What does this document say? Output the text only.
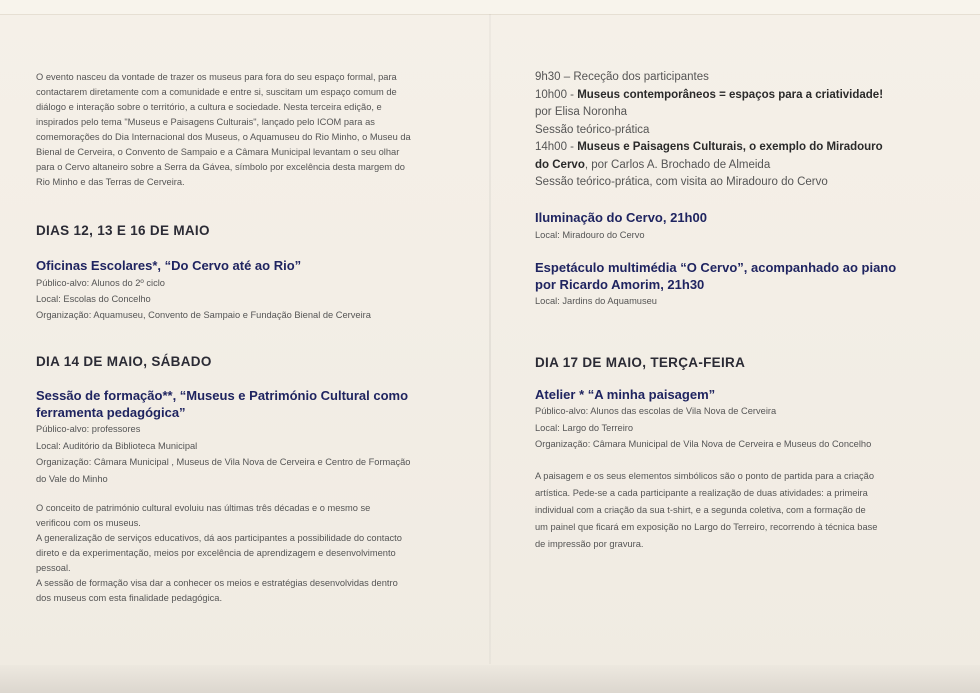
O evento nasceu da vontade de trazer os museus para fora do seu espaço formal, para
contactarem diretamente com a comunidade e entre si, suscitam um espaço comum de
diálogo e interação sobre o território, a cultura e sociedade. Nesta terceira edição, e
inspirados pelo tema "Museus e Paisagens Culturais", lançado pelo ICOM para as
comemorações do Dia Internacional dos Museus, o Aquamuseu do Rio Minho, o Museu da
Bienal de Cerveira, o Convento de Sampaio e a Câmara Municipal levantam o seu olhar
para o Cervo altaneiro sobre a Serra da Gávea, símbolo por excelência desta margem do
Rio Minho e das Terras de Cerveira.
DIAS 12, 13 E 16 DE MAIO
Oficinas Escolares*, “Do Cervo até ao Rio”
Público-alvo: Alunos do 2º ciclo
Local: Escolas do Concelho
Organização: Aquamuseu, Convento de Sampaio e Fundação Bienal de Cerveira
DIA 14 DE MAIO, SÁBADO
Sessão de formação**, “Museus e Património Cultural como
ferramenta pedagógica”
Público-alvo: professores
Local: Auditório da Biblioteca Municipal
Organização: Câmara Municipal , Museus de Vila Nova de Cerveira e Centro de Formação
do Vale do Minho
O conceito de património cultural evoluiu nas últimas três décadas e o mesmo se
verificou com os museus.
A generalização de serviços educativos, dá aos participantes a possibilidade do contacto
direto e da experimentação, meios por excelência de aprendizagem e desenvolvimento
pessoal.
A sessão de formação visa dar a conhecer os meios e estratégias desenvolvidas dentro
dos museus com esta finalidade pedagógica.
9h30 – Receção dos participantes
10h00 - Museus contemporâneos = espaços para a criatividade!
por Elisa Noronha
Sessão teórico-prática
14h00 - Museus e Paisagens Culturais, o exemplo do Miradouro
do Cervo, por Carlos A. Brochado de Almeida
Sessão teórico-prática, com visita ao Miradouro do Cervo
Iluminação do Cervo, 21h00
Local: Miradouro do Cervo
Espetáculo multimédia “O Cervo”, acompanhado ao piano
por Ricardo Amorim, 21h30
Local: Jardins do Aquamuseu
DIA 17 DE MAIO, TERÇA-FEIRA
Atelier * “A minha paisagem”
Público-alvo: Alunos das escolas de Vila Nova de Cerveira
Local: Largo do Terreiro
Organização: Câmara Municipal de Vila Nova de Cerveira e Museus do Concelho
A paisagem e os seus elementos simbólicos são o ponto de partida para a criação
artística. Pede-se a cada participante a realização de duas atividades: a primeira
individual com a criação da sua t-shirt, e a segunda coletiva, com a formação de
um painel que ficará em exposição no Largo do Terreiro, recorrendo à técnica base
de impressão por gravura.
